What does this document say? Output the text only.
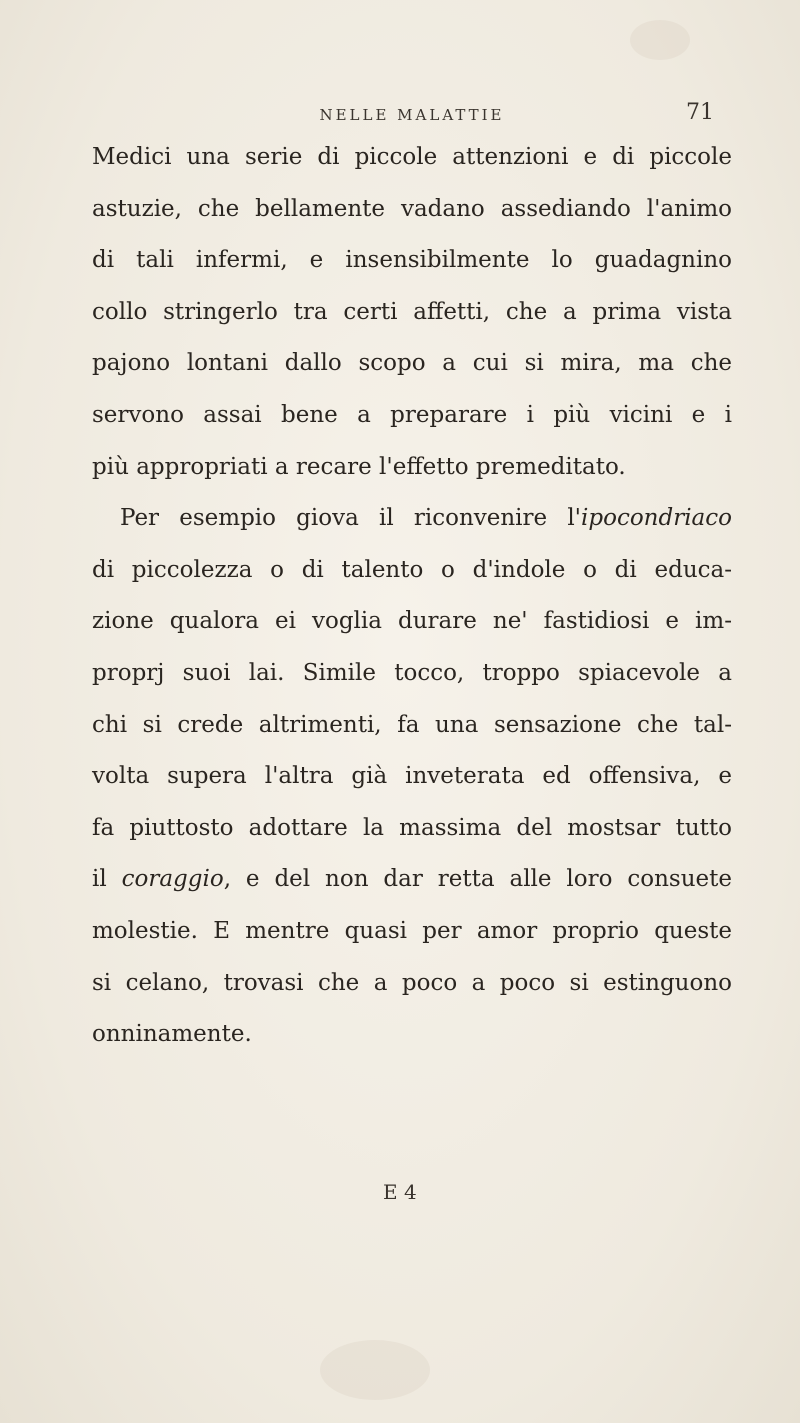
NELLE MALATTIE	71
Medici una serie di piccole attenzioni e di piccole
astuzie, che bellamente vadano assediando l'animo
di tali infermi, e insensibilmente lo guadagnino
collo stringerlo tra certi affetti, che a prima vista
pajono lontani dallo scopo a cui si mira, ma che
servono assai bene a preparare i più vicini e i
più appropriati a recare l'effetto premeditato.
Per esempio giova il riconvenire l'ipocondriaco
di piccolezza o di talento o d'indole o di educa-
zione qualora ei voglia durare ne' fastidiosi e im-
proprj suoi lai. Simile tocco, troppo spiacevole a
chi si crede altrimenti, fa una sensazione che tal-
volta supera l'altra già inveterata ed offensiva, e
fa piuttosto adottare la massima del mostsar tutto
il coraggio, e del non dar retta alle loro consuete
molestie. E mentre quasi per amor proprio queste
si celano, trovasi che a poco a poco si estinguono
onninamente.
E 4
